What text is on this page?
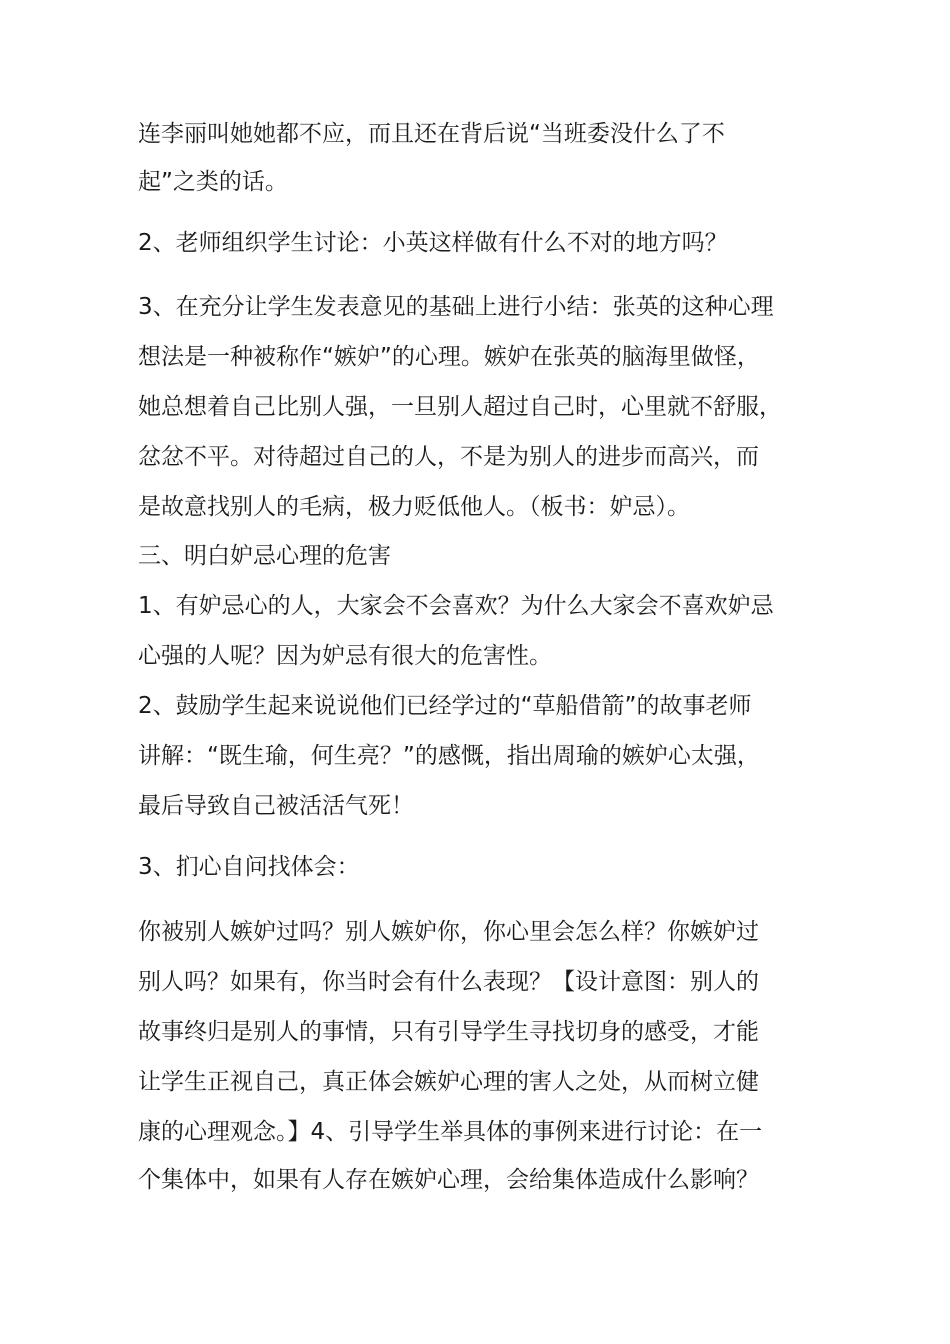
连李丽叫她她都不应，而且还在背后说“当班委没什么了不
起”之类的话。
2、老师组织学生讨论：小英这样做有什么不对的地方吗？
3、在充分让学生发表意见的基础上进行小结：张英的这种心理
想法是一种被称作“嫉妒”的心理。嫉妒在张英的脑海里做怪，
她总想着自己比别人强，一旦别人超过自己时，心里就不舒服，
忿忿不平。对待超过自己的人，不是为别人的进步而高兴，而
是故意找别人的毛病，极力贬低他人。（板书：妒忌）。
三、明白妒忌心理的危害
1、有妒忌心的人，大家会不会喜欢？为什么大家会不喜欢妒忌
心强的人呢？因为妒忌有很大的危害性。
2、鼓励学生起来说说他们已经学过的“草船借箭”的故事老师
讲解：“既生瑜，何生亮？”的感慨，指出周瑜的嫉妒心太强，
最后导致自己被活活气死！
3、扪心自问找体会：
你被别人嫉妒过吗？别人嫉妒你，你心里会怎么样？你嫉妒过
别人吗？如果有，你当时会有什么表现？【设计意图：别人的
故事终归是别人的事情，只有引导学生寻找切身的感受，才能
让学生正视自己，真正体会嫉妒心理的害人之处，从而树立健
康的心理观念。】4、引导学生举具体的事例来进行讨论：在一
个集体中，如果有人存在嫉妒心理，会给集体造成什么影响？
